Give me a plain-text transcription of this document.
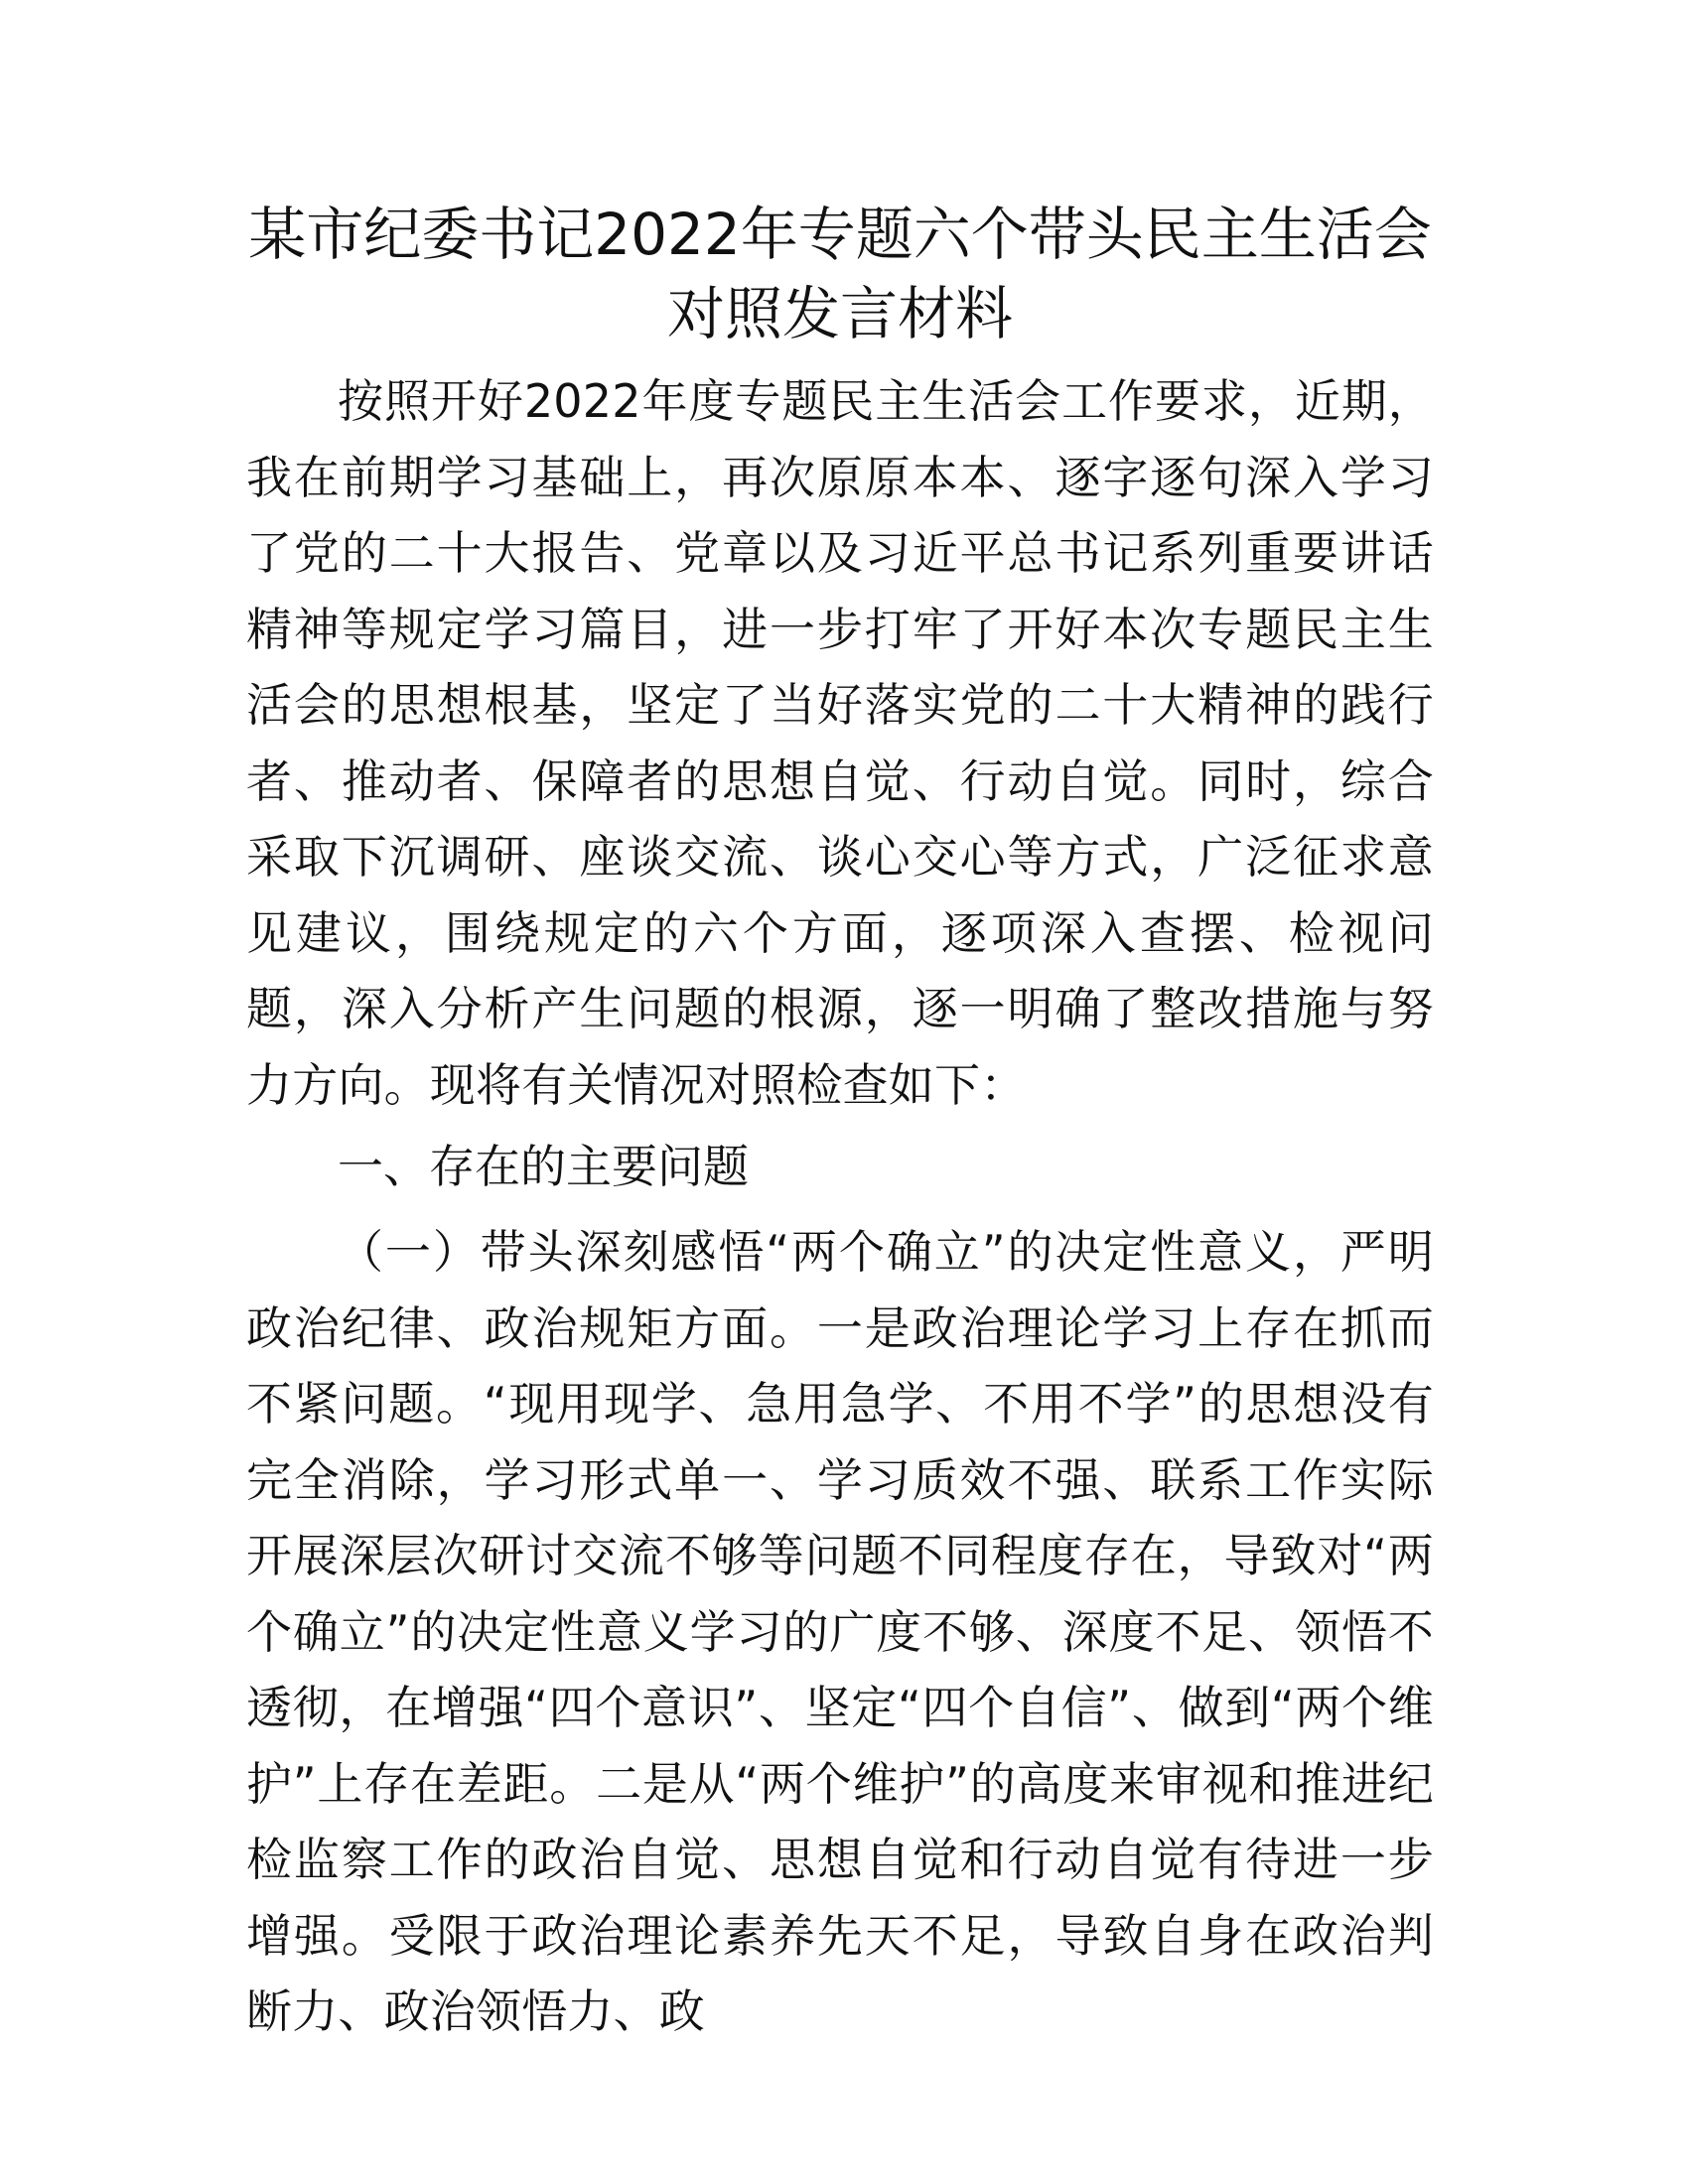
某市纪委书记2022年专题六个带头民主生活会
对照发言材料

按照开好2022年度专题民主生活会工作要求，近期，我在前期学习基础上，再次原原本本、逐字逐句深入学习了党的二十大报告、党章以及习近平总书记系列重要讲话精神等规定学习篇目，进一步打牢了开好本次专题民主生活会的思想根基，坚定了当好落实党的二十大精神的践行者、推动者、保障者的思想自觉、行动自觉。同时，综合采取下沉调研、座谈交流、谈心交心等方式，广泛征求意见建议，围绕规定的六个方面，逐项深入查摆、检视问题，深入分析产生问题的根源，逐一明确了整改措施与努力方向。现将有关情况对照检查如下：

一、存在的主要问题

（一）带头深刻感悟“两个确立”的决定性意义，严明政治纪律、政治规矩方面。一是政治理论学习上存在抓而不紧问题。“现用现学、急用急学、不用不学”的思想没有完全消除，学习形式单一、学习质效不强、联系工作实际开展深层次研讨交流不够等问题不同程度存在，导致对“两个确立”的决定性意义学习的广度不够、深度不足、领悟不透彻，在增强“四个意识”、坚定“四个自信”、做到“两个维护”上存在差距。二是从“两个维护”的高度来审视和推进纪检监察工作的政治自觉、思想自觉和行动自觉有待进一步增强。受限于政治理论素养先天不足，导致自身在政治判断力、政治领悟力、政
